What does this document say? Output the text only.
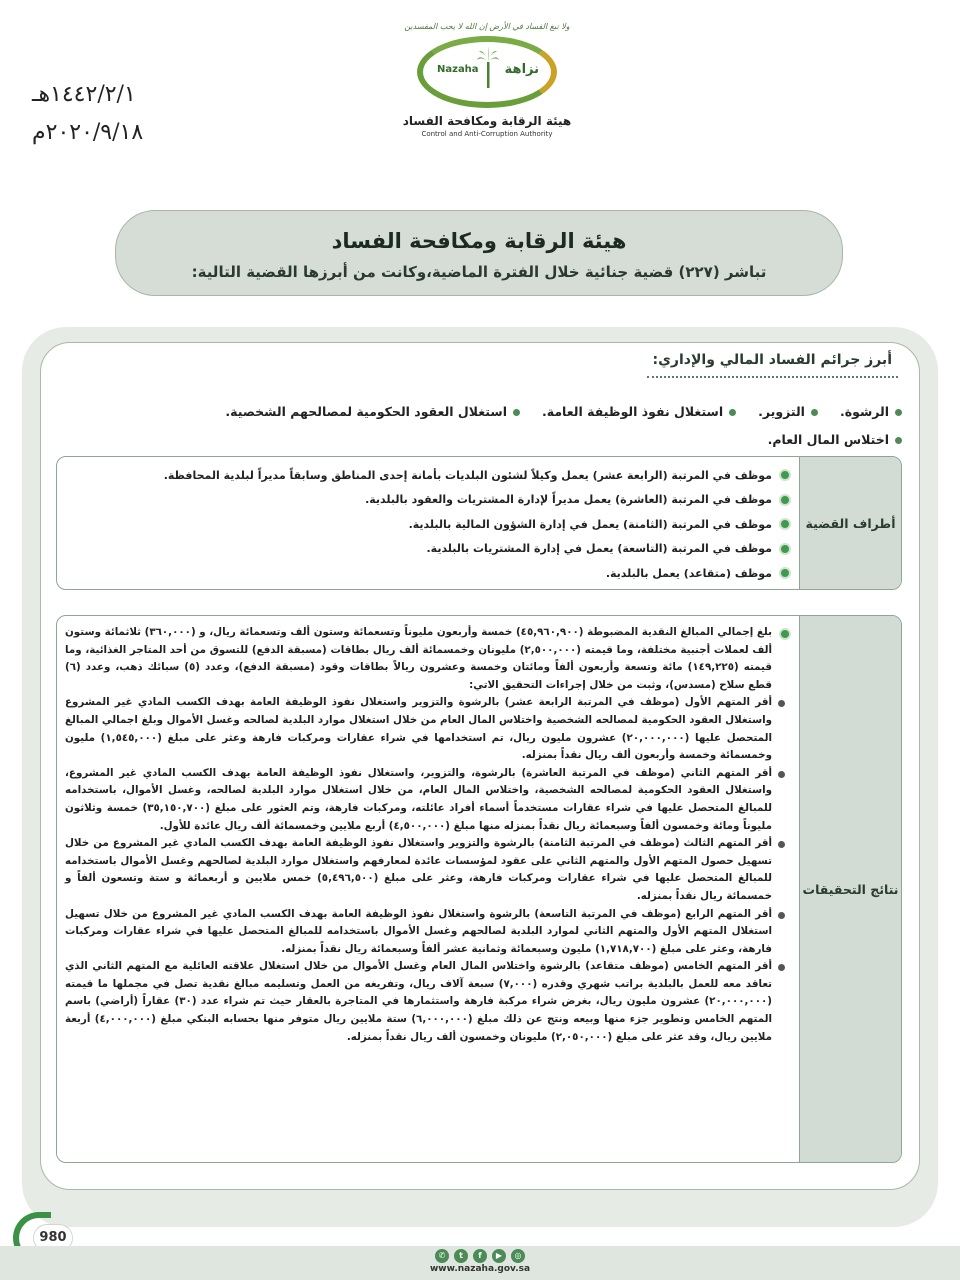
١٤٤٢/٢/١هـ
٢٠٢٠/٩/١٨م
ولا تبغ الفساد في الأرض إن الله لا يحب المفسدين
Nazaha نزاهة
هيئة الرقابة ومكافحة الفساد
Control and Anti-Corruption Authority
هيئة الرقابة ومكافحة الفساد

تباشر (٢٢٧) قضية جنائية خلال الفترة الماضية،وكانت من أبرزها القضية التالية:

أبرز جرائم الفساد المالي والإداري:
الرشوة.
التزوير.
استغلال نفوذ الوظيفة العامة.
استغلال العقود الحكومية لمصالحهم الشخصية.
اختلاس المال العام.
أطراف القضية
موظف في المرتبة (الرابعة عشر) يعمل وكيلاً لشئون البلديات بأمانة إحدى المناطق وسابقاً مديراً لبلدية المحافظة.
موظف في المرتبة (العاشرة) يعمل مديراً لإدارة المشتريات والعقود بالبلدية.
موظف في المرتبة (الثامنة) يعمل في إدارة الشؤون المالية بالبلدية.
موظف في المرتبة (التاسعة) يعمل في إدارة المشتريات بالبلدية.
موظف (متقاعد) يعمل بالبلدية.
نتائج التحقيقات
بلغ إجمالي المبالغ النقدية المضبوطة (٤٥,٩٦٠,٩٠٠) خمسة وأربعون مليوناً وتسعمائة وستون ألف وتسعمائة ريال، و (٣٦٠,٠٠٠) ثلاثمائة وستون ألف لعملات أجنبية مختلفة، وما قيمته (٢,٥٠٠,٠٠٠) مليونان وخمسمائة ألف ريال بطاقات (مسبقة الدفع) للتسوق من أحد المتاجر الغذائية، وما قيمته (١٤٩,٢٢٥) مائة وتسعة وأربعون ألفاً ومائتان وخمسة وعشرون ريالاً بطاقات وقود (مسبقة الدفع)، وعدد (٥) سبائك ذهب، وعدد (٦) قطع سلاح (مسدس)، وثبت من خلال إجراءات التحقيق الاتي:
أقر المتهم الأول (موظف في المرتبة الرابعة عشر) بالرشوة والتزوير واستغلال نفوذ الوظيفة العامة بهدف الكسب المادي غير المشروع واستغلال العقود الحكومية لمصالحه الشخصية واختلاس المال العام من خلال استغلال موارد البلدية لصالحه وغسل الأموال وبلغ اجمالي المبالغ المتحصل عليها (٢٠,٠٠٠,٠٠٠) عشرون مليون ريال، تم استخدامها في شراء عقارات ومركبات فارهة وعثر على مبلغ (١,٥٤٥,٠٠٠) مليون وخمسمائة وخمسة وأربعون ألف ريال نقداً بمنزله.
أقر المتهم الثاني (موظف في المرتبة العاشرة) بالرشوة، والتزوير، واستغلال نفوذ الوظيفة العامة بهدف الكسب المادي غير المشروع، واستغلال العقود الحكومية لمصالحه الشخصية، واختلاس المال العام، من خلال استغلال موارد البلدية لصالحه، وغسل الأموال، باستخدامه للمبالغ المتحصل عليها في شراء عقارات مستخدماً أسماء أفراد عائلته، ومركبات فارهة، وتم العثور على مبلغ (٣٥,١٥٠,٧٠٠) خمسة وثلاثون مليوناً ومائة وخمسون ألفاً وسبعمائة ريال نقداً بمنزله منها مبلغ (٤,٥٠٠,٠٠٠) أربع ملايين وخمسمائة ألف ريال عائدة للأول.
أقر المتهم الثالث (موظف في المرتبة الثامنة) بالرشوة والتزوير واستغلال نفوذ الوظيفة العامة بهدف الكسب المادي غير المشروع من خلال تسهيل حصول المتهم الأول والمتهم الثاني على عقود لمؤسسات عائدة لمعارفهم واستغلال موارد البلدية لصالحهم وغسل الأموال باستخدامه للمبالغ المتحصل عليها في شراء عقارات ومركبات فارهة، وعثر على مبلغ (٥,٤٩٦,٥٠٠) خمس ملايين و أربعمائة و ستة وتسعون ألفاً و خمسمائة ريال نقداً بمنزله.
أقر المتهم الرابع (موظف في المرتبة التاسعة) بالرشوة واستغلال نفوذ الوظيفة العامة بهدف الكسب المادي غير المشروع من خلال تسهيل استغلال المتهم الأول والمتهم الثاني لموارد البلدية لصالحهم وغسل الأموال باستخدامه للمبالغ المتحصل عليها في شراء عقارات ومركبات فارهة، وعثر على مبلغ (١,٧١٨,٧٠٠) مليون وسبعمائة وثمانية عشر ألفاً وسبعمائة ريال نقداً بمنزله.
أقر المتهم الخامس (موظف متقاعد) بالرشوة واختلاس المال العام وغسل الأموال من خلال استغلال علاقته العائلية مع المتهم الثاني الذي تعاقد معه للعمل بالبلدية براتب شهري وقدره (٧,٠٠٠) سبعة آلاف ريال، وتفريغه من العمل وتسليمه مبالغ نقدية تصل في مجملها ما قيمته (٢٠,٠٠٠,٠٠٠) عشرون مليون ريال، بغرض شراء مركبة فارهة واستثمارها في المتاجرة بالعقار حيث تم شراء عدد (٣٠) عقاراً (أراضي) باسم المتهم الخامس وتطوير جزء منها وبيعه ونتج عن ذلك مبلغ (٦,٠٠٠,٠٠٠) ستة ملايين ريال متوفر منها بحسابه البنكي مبلغ (٤,٠٠٠,٠٠٠) أربعة ملايين ريال، وقد عثر على مبلغ (٢,٠٥٠,٠٠٠) مليونان وخمسون ألف ريال نقداً بمنزله.
980
✆	t	f	▶	◎
www.nazaha.gov.sa
